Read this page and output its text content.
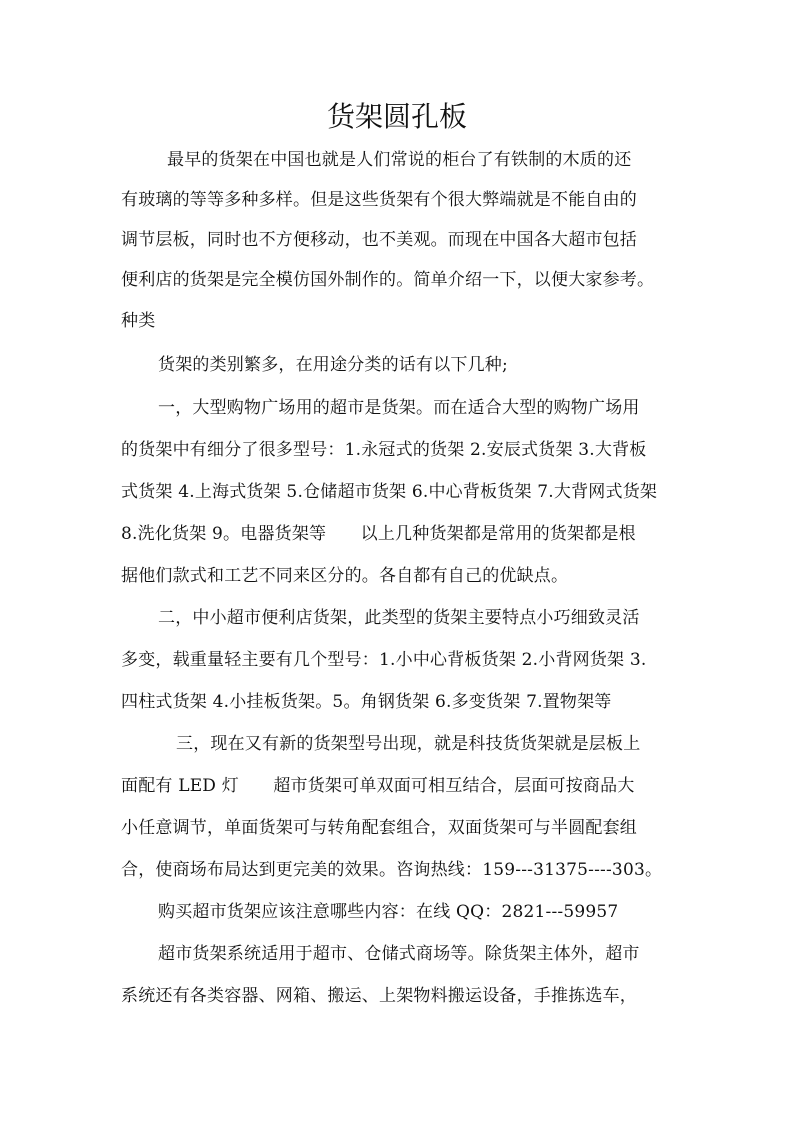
货架圆孔板
最早的货架在中国也就是人们常说的柜台了有铁制的木质的还
有玻璃的等等多种多样。但是这些货架有个很大弊端就是不能自由的
调节层板，同时也不方便移动，也不美观。而现在中国各大超市包括
便利店的货架是完全模仿国外制作的。简单介绍一下，以便大家参考。
种类
货架的类别繁多，在用途分类的话有以下几种;
一，大型购物广场用的超市是货架。而在适合大型的购物广场用
的货架中有细分了很多型号：1.永冠式的货架 2.安辰式货架 3.大背板
式货架 4.上海式货架 5.仓储超市货架 6.中心背板货架 7.大背网式货架
8.洗化货架 9。电器货架等　　以上几种货架都是常用的货架都是根
据他们款式和工艺不同来区分的。各自都有自己的优缺点。
二，中小超市便利店货架，此类型的货架主要特点小巧细致灵活
多变，载重量轻主要有几个型号：1.小中心背板货架 2.小背网货架 3.
四柱式货架 4.小挂板货架。5。角钢货架 6.多变货架 7.置物架等
三，现在又有新的货架型号出现，就是科技货货架就是层板上
面配有 LED 灯　　超市货架可单双面可相互结合，层面可按商品大
小任意调节，单面货架可与转角配套组合，双面货架可与半圆配套组
合，使商场布局达到更完美的效果。咨询热线：159---31375----303。
购买超市货架应该注意哪些内容：在线 QQ：2821---59957
超市货架系统适用于超市、仓储式商场等。除货架主体外，超市
系统还有各类容器、网箱、搬运、上架物料搬运设备，手推拣选车，
